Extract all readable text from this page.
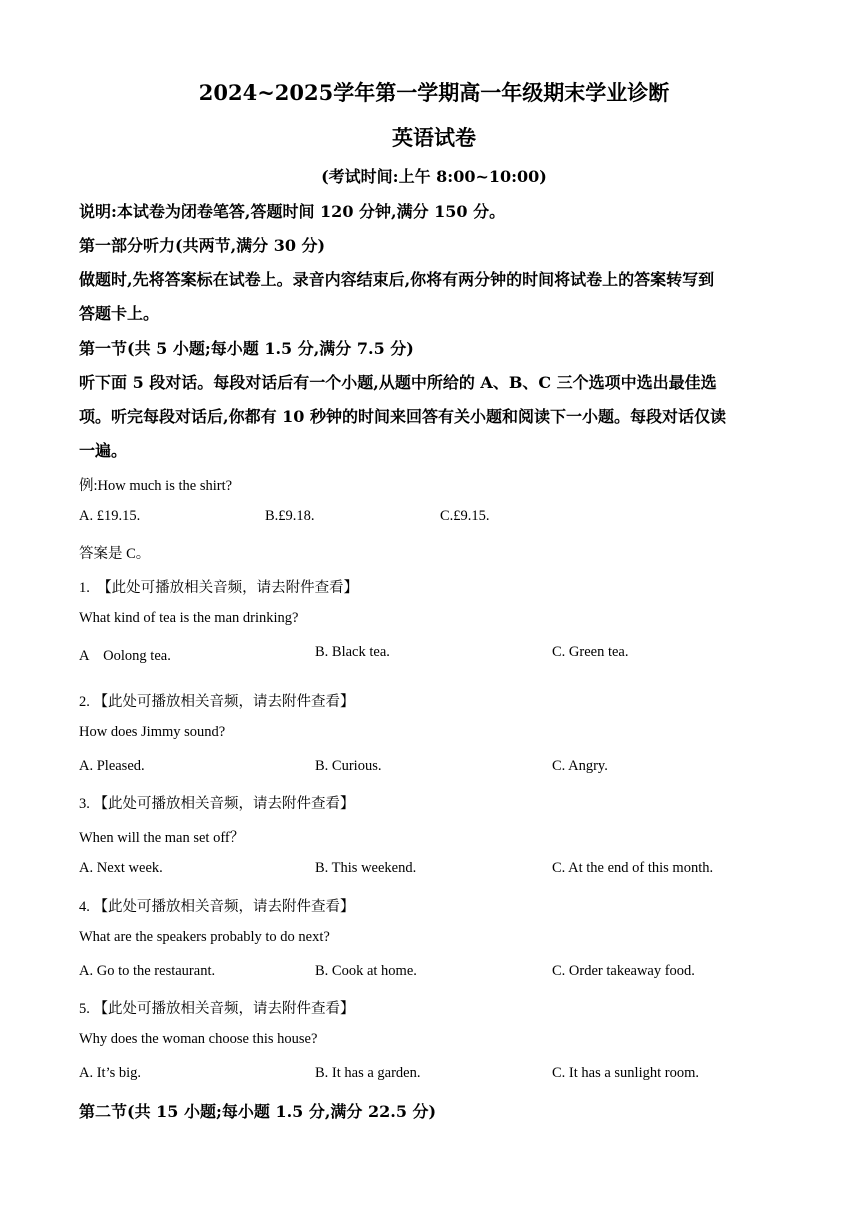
2024~2025学年第一学期高一年级期末学业诊断
英语试卷
(考试时间:上午 8:00~10:00)
说明:本试卷为闭卷笔答,答题时间 120 分钟,满分 150 分。
第一部分听力(共两节,满分 30 分)
做题时,先将答案标在试卷上。录音内容结束后,你将有两分钟的时间将试卷上的答案转写到
答题卡上。
第一节(共 5 小题;每小题 1.5 分,满分 7.5 分)
听下面 5 段对话。每段对话后有一个小题,从题中所给的 A、B、C 三个选项中选出最佳选
项。听完每段对话后,你都有 10 秒钟的时间来回答有关小题和阅读下一小题。每段对话仅读
一遍。
例:How much is the shirt?
A. £19.15.	B.£9.18.	C.£9.15.
答案是 C。
1.　【此处可播放相关音频，请去附件查看】
What kind of tea is the man drinking?
A　Oolong tea.	B. Black tea.	C. Green tea.
2. 【此处可播放相关音频，请去附件查看】
How does Jimmy sound?
A. Pleased.	B. Curious.	C. Angry.
3. 【此处可播放相关音频，请去附件查看】
When will the man set off？
A. Next week.	B. This weekend.	C. At the end of this month.
4. 【此处可播放相关音频，请去附件查看】
What are the speakers probably to do next?
A. Go to the restaurant.	B. Cook at home.	C. Order takeaway food.
5. 【此处可播放相关音频，请去附件查看】
Why does the woman choose this house?
A. It’s big.	B. It has a garden.	C. It has a sunlight room.
第二节(共 15 小题;每小题 1.5 分,满分 22.5 分)
